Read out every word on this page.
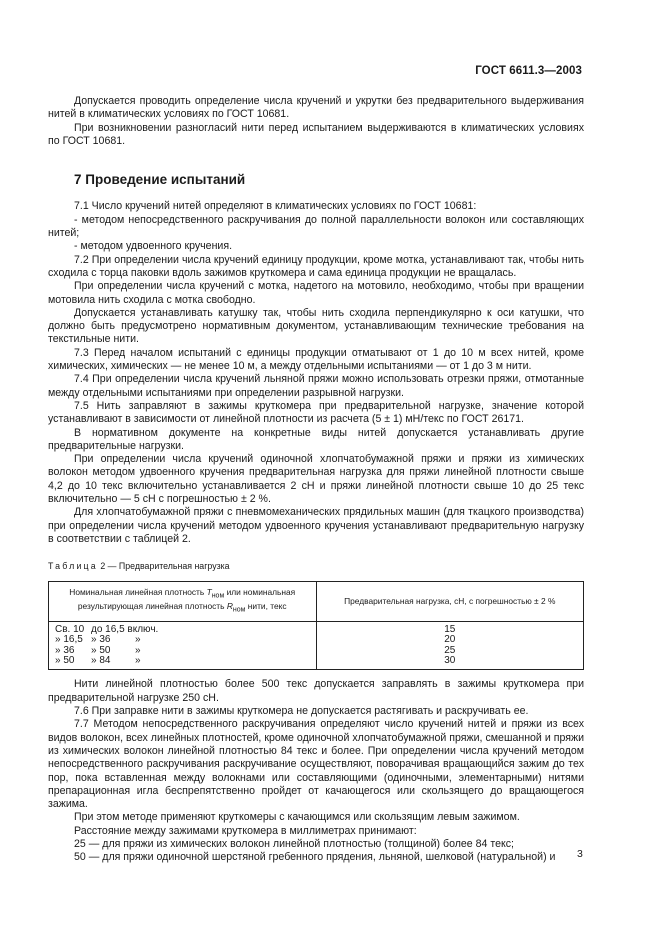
ГОСТ 6611.3—2003

Допускается проводить определение числа кручений и укрутки без предварительного выдерживания нитей в климатических условиях по ГОСТ 10681.

При возникновении разногласий нити перед испытанием выдерживаются в климатических условиях по ГОСТ 10681.

7 Проведение испытаний

7.1 Число кручений нитей определяют в климатических условиях по ГОСТ 10681:

- методом непосредственного раскручивания до полной параллельности волокон или составляющих нитей;

- методом удвоенного кручения.

7.2 При определении числа кручений единицу продукции, кроме мотка, устанавливают так, чтобы нить сходила с торца паковки вдоль зажимов круткомера и сама единица продукции не вращалась.

При определении числа кручений с мотка, надетого на мотовило, необходимо, чтобы при вращении мотовила нить сходила с мотка свободно.

Допускается устанавливать катушку так, чтобы нить сходила перпендикулярно к оси катушки, что должно быть предусмотрено нормативным документом, устанавливающим технические требования на текстильные нити.

7.3 Перед началом испытаний с единицы продукции отматывают от 1 до 10 м всех нитей, кроме химических, химических — не менее 10 м, а между отдельными испытаниями — от 1 до 3 м нити.

7.4 При определении числа кручений льняной пряжи можно использовать отрезки пряжи, отмотанные между отдельными испытаниями при определении разрывной нагрузки.

7.5 Нить заправляют в зажимы круткомера при предварительной нагрузке, значение которой устанавливают в зависимости от линейной плотности из расчета (5 ± 1) мН/текс по ГОСТ 26171.

В нормативном документе на конкретные виды нитей допускается устанавливать другие предварительные нагрузки.

При определении числа кручений одиночной хлопчатобумажной пряжи и пряжи из химических волокон методом удвоенного кручения предварительная нагрузка для пряжи линейной плотности свыше 4,2 до 10 текс включительно устанавливается 2 сН и пряжи линейной плотности свыше 10 до 25 текс включительно — 5 сН с погрешностью ± 2 %.

Для хлопчатобумажной пряжи с пневмомеханических прядильных машин (для ткацкого производства) при определении числа кручений методом удвоенного кручения устанавливают предварительную нагрузку в соответствии с таблицей 2.

Таблица 2 — Предварительная нагрузка
Номинальная линейная плотность $T_{ном}$ или номинальная результирующая линейная плотность $R_{ном}$ нити, текс	Предварительная нагрузка, сН, с погрешностью ± 2 %
Св. 10 до 16,5 включ.	15
» 16,5 » 36 »	20
» 36 » 50 »	25
» 50 » 84 »	30

Нити линейной плотностью более 500 текс допускается заправлять в зажимы круткомера при предварительной нагрузке 250 сН.

7.6 При заправке нити в зажимы круткомера не допускается растягивать и раскручивать ее.

7.7 Методом непосредственного раскручивания определяют число кручений нитей и пряжи из всех видов волокон, всех линейных плотностей, кроме одиночной хлопчатобумажной пряжи, смешанной и пряжи из химических волокон линейной плотностью 84 текс и более. При определении числа кручений методом непосредственного раскручивания раскручивание осуществляют, поворачивая вращающийся зажим до тех пор, пока вставленная между волокнами или составляющими (одиночными, элементарными) нитями препарационная игла беспрепятственно пройдет от качающегося или скользящего до вращающегося зажима.

При этом методе применяют круткомеры с качающимся или скользящим левым зажимом.

Расстояние между зажимами круткомера в миллиметрах принимают:

25 — для пряжи из химических волокон линейной плотностью (толщиной) более 84 текс;

50 — для пряжи одиночной шерстяной гребенного прядения, льняной, шелковой (натуральной) и	3
